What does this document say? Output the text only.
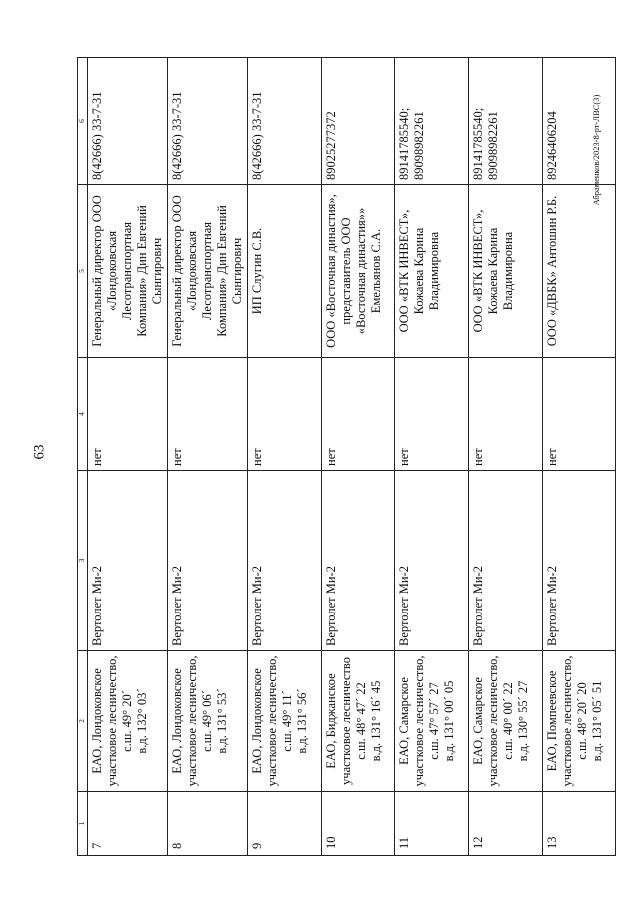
63
Абраменков/2023-8-рт-ЛВС(3)
1	2	3	4	5	6
7	ЕАО, Лондоковское участковое лесничество, с.ш. 49° 20´ в.д. 132° 03´	Вертолет Ми-2	нет	Генеральный директор ООО «Лондоковская Лесотранспортная Компания» Дин Евгений Сынгирович	8(42666) 33-7-31

8	ЕАО, Лондоковское участковое лесничество, с.ш. 49° 06´ в.д. 131° 53´	Вертолет Ми-2	нет	Генеральный директор ООО «Лондоковская Лесотранспортная Компания» Дин Евгений Сынгирович	8(42666) 33-7-31

9	ЕАО, Лондоковское участковое лесничество, с.ш. 49° 11´ в.д. 131° 56´	Вертолет Ми-2	нет	ИП Слугин С.В.	8(42666) 33-7-31

10	ЕАО, Биджанское участковое лесничество с.ш. 48° 47´ 22 в.д. 131° 16´ 45	Вертолет Ми-2	нет	ООО «Восточная династия», представитель ООО «Восточная династия»» Емельянов С.А.	89025277372

11	ЕАО, Самарское участковое лесничество, с.ш. 47° 57´ 27 в.д. 131° 00´ 05	Вертолет Ми-2	нет	ООО «ВТК ИНВЕСТ», Кожаева Карина Владимировна	89141785540; 89098982261

12	ЕАО, Самарское участковое лесничество, с.ш. 40° 00´ 22 в.д. 130° 55´ 27	Вертолет Ми-2	нет	ООО «ВТК ИНВЕСТ», Кожаева Карина Владимировна	89141785540; 89098982261

13	ЕАО, Помпеевское участковое лесничество, с.ш. 48° 20´ 20 в.д. 131° 05´ 51	Вертолет Ми-2	нет	ООО «ДВБК» Антошин Р.Б.	89246406204
